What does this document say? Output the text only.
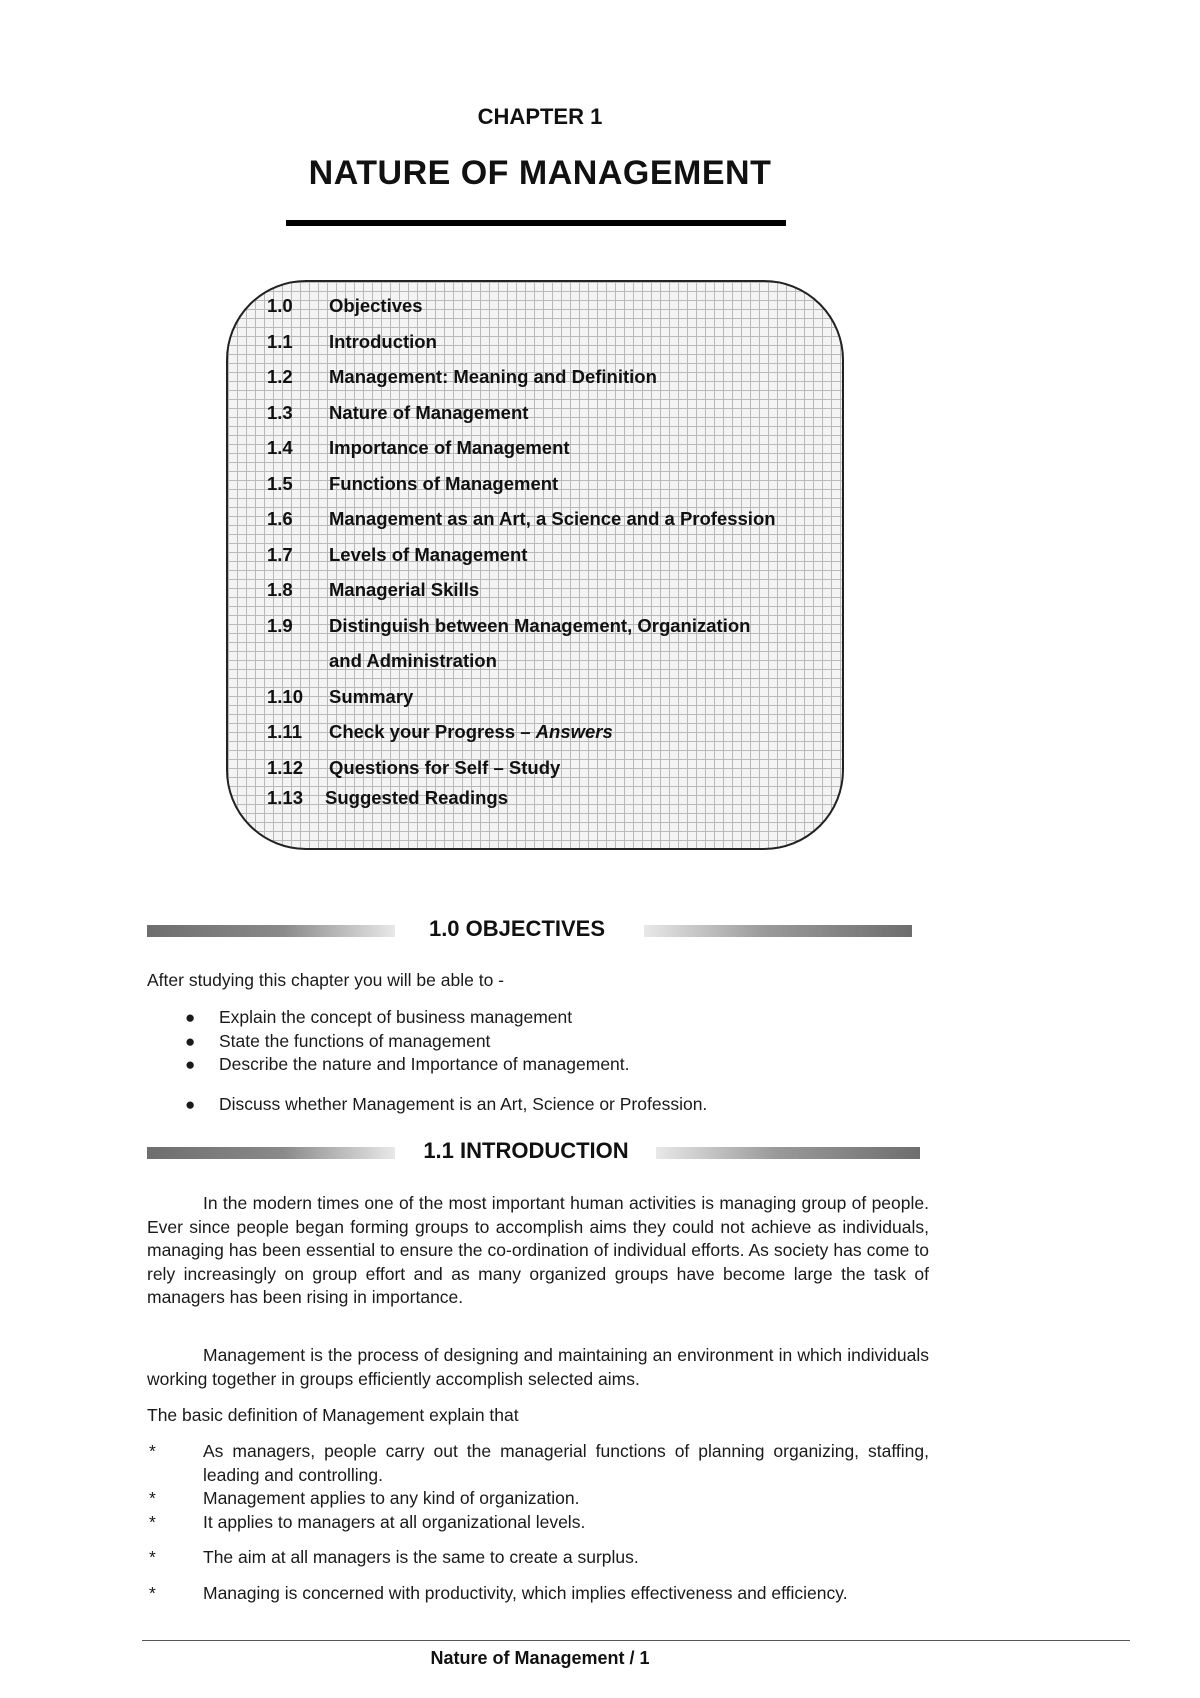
CHAPTER 1
NATURE OF MANAGEMENT
1.0	Objectives
1.1	Introduction
1.2	Management: Meaning and Definition
1.3	Nature of Management
1.4	Importance of Management
1.5	Functions of Management
1.6	Management as an Art, a Science and a Profession
1.7	Levels of Management
1.8	Managerial Skills
1.9	Distinguish between Management, Organization
and Administration
1.10	Summary
1.11	Check your Progress – Answers
1.12	Questions for Self – Study
1.13	Suggested Readings
1.0 OBJECTIVES
After studying this chapter you will be able to -
● Explain the concept of business management
● State the functions of management
● Describe the nature and Importance of management.
● Discuss whether Management is an Art, Science or Profession.
1.1 INTRODUCTION

In the modern times one of the most important human activities is managing group of people. Ever since people began forming groups to accomplish aims they could not achieve as individuals, managing has been essential to ensure the co-ordination of individual efforts. As society has come to rely increasingly on group effort and as many organized groups have become large the task of managers has been rising in importance.

Management is the process of designing and maintaining an environment in which individuals working together in groups efficiently accomplish selected aims.

The basic definition of Management explain that

*	As managers, people carry out the managerial functions of planning organizing, staffing, leading and controlling.
*	Management applies to any kind of organization.
*	It applies to managers at all organizational levels.
*	The aim at all managers is the same to create a surplus.
*	Managing is concerned with productivity, which implies effectiveness and efficiency.
Nature of Management / 1
